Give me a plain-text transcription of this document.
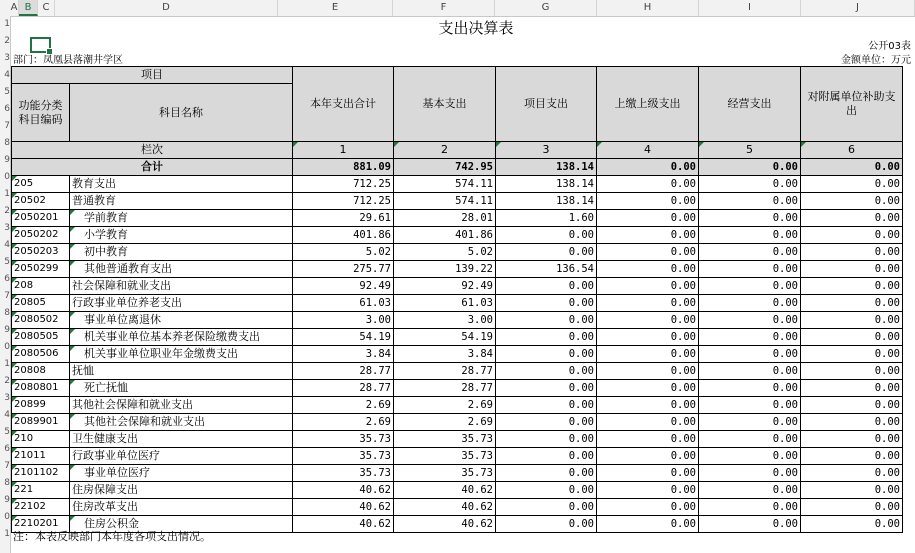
A B	C	D	E	F	G	H	I	J
1
2
3
4
5
6
7
8
9
0
1
2
3
4
5
6
7
8
9
0
1
2
3
4
5
6
7
8
9
0
1
支出决算表
公开03表
部门：凤凰县落潮井学区	金额单位：万元
项目		本年支出合计	基本支出	项目支出	上缴上级支出	经营支出	对附属单位补助支出
功能分类
科目编码	科目名称						
栏次		1	2	3	4	5	6
合计		881.09	742.95	138.14	0.00	0.00	0.00
205	教育支出	712.25	574.11	138.14	0.00	0.00	0.00
20502	普通教育	712.25	574.11	138.14	0.00	0.00	0.00
2050201	学前教育	29.61	28.01	1.60	0.00	0.00	0.00
2050202	小学教育	401.86	401.86	0.00	0.00	0.00	0.00
2050203	初中教育	5.02	5.02	0.00	0.00	0.00	0.00
2050299	其他普通教育支出	275.77	139.22	136.54	0.00	0.00	0.00
208	社会保障和就业支出	92.49	92.49	0.00	0.00	0.00	0.00
20805	行政事业单位养老支出	61.03	61.03	0.00	0.00	0.00	0.00
2080502	事业单位离退休	3.00	3.00	0.00	0.00	0.00	0.00
2080505	机关事业单位基本养老保险缴费支出	54.19	54.19	0.00	0.00	0.00	0.00
2080506	机关事业单位职业年金缴费支出	3.84	3.84	0.00	0.00	0.00	0.00
20808	抚恤	28.77	28.77	0.00	0.00	0.00	0.00
2080801	死亡抚恤	28.77	28.77	0.00	0.00	0.00	0.00
20899	其他社会保障和就业支出	2.69	2.69	0.00	0.00	0.00	0.00
2089901	其他社会保障和就业支出	2.69	2.69	0.00	0.00	0.00	0.00
210	卫生健康支出	35.73	35.73	0.00	0.00	0.00	0.00
21011	行政事业单位医疗	35.73	35.73	0.00	0.00	0.00	0.00
2101102	事业单位医疗	35.73	35.73	0.00	0.00	0.00	0.00
221	住房保障支出	40.62	40.62	0.00	0.00	0.00	0.00
22102	住房改革支出	40.62	40.62	0.00	0.00	0.00	0.00
2210201	住房公积金	40.62	40.62	0.00	0.00	0.00	0.00
注：本表反映部门本年度各项支出情况。
